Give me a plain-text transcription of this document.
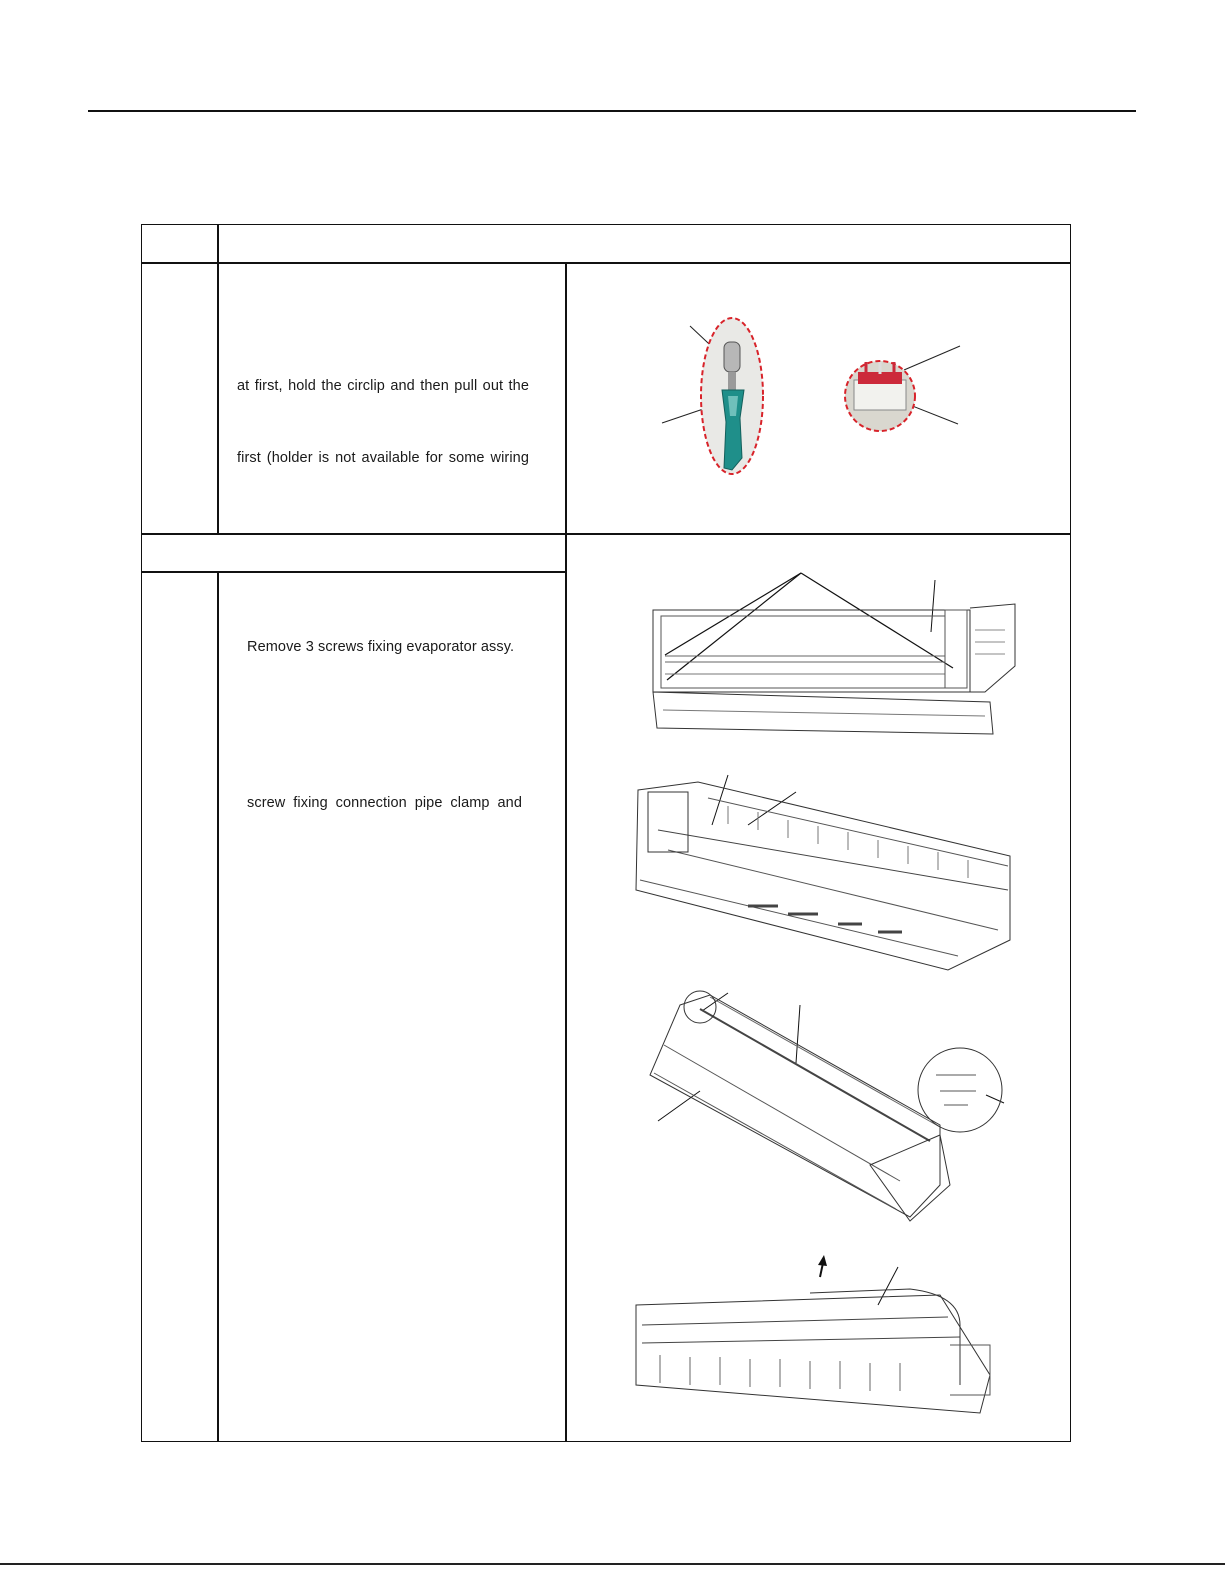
at first, hold the circlip and then pull out the
first (holder is not available for some wiring
Remove 3 screws fixing evaporator assy.
screw fixing connection pipe clamp and
